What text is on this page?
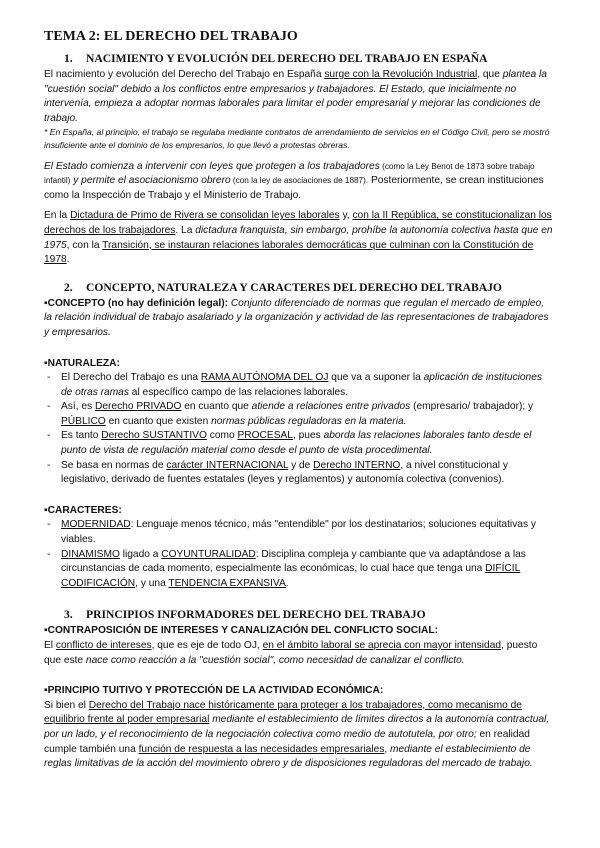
TEMA 2: EL DERECHO DEL TRABAJO
1. NACIMIENTO Y EVOLUCIÓN DEL DERECHO DEL TRABAJO EN ESPAÑA

El nacimiento y evolución del Derecho del Trabajo en España surge con la Revolución Industrial, que plantea la "cuestión social" debido a los conflictos entre empresarios y trabajadores. El Estado, que inicialmente no intervenía, empieza a adoptar normas laborales para limitar el poder empresarial y mejorar las condiciones de trabajo.

* En España, al principio, el trabajo se regulaba mediante contratos de arrendamiento de servicios en el Código Civil, pero se mostró insuficiente ante el dominio de los empresarios, lo que llevó a protestas obreras.

El Estado comienza a intervenir con leyes que protegen a los trabajadores (como la Ley Benot de 1873 sobre trabajo infantil) y permite el asociacionismo obrero (con la ley de asociaciones de 1887). Posteriormente, se crean instituciones como la Inspección de Trabajo y el Ministerio de Trabajo.

En la Dictadura de Primo de Rivera se consolidan leyes laborales y, con la II República, se constitucionalizan los derechos de los trabajadores. La dictadura franquista, sin embargo, prohíbe la autonomía colectiva hasta que en 1975, con la Transición, se instauran relaciones laborales democráticas que culminan con la Constitución de 1978.

2. CONCEPTO, NATURALEZA Y CARACTERES DEL DERECHO DEL TRABAJO

▪CONCEPTO (no hay definición legal): Conjunto diferenciado de normas que regulan el mercado de empleo, la relación individual de trabajo asalariado y la organización y actividad de las representaciones de trabajadores y empresarios.

▪NATURALEZA:

- El Derecho del Trabajo es una RAMA AUTÓNOMA DEL OJ que va a suponer la aplicación de instituciones de otras ramas al específico campo de las relaciones laborales.
- Así, es Derecho PRIVADO en cuanto que atiende a relaciones entre privados (empresario/ trabajador); y PÚBLICO en cuanto que existen normas públicas reguladoras en la materia.
- Es tanto Derecho SUSTANTIVO como PROCESAL, pues aborda las relaciones laborales tanto desde el punto de vista de regulación material como desde el punto de vista procedimental.
- Se basa en normas de carácter INTERNACIONAL y de Derecho INTERNO, a nivel constitucional y legislativo, derivado de fuentes estatales (leyes y reglamentos) y autonomía colectiva (convenios).

▪CARACTERES:

- MODERNIDAD: Lenguaje menos técnico, más "entendible" por los destinatarios; soluciones equitativas y viables.
- DINAMISMO ligado a COYUNTURALIDAD: Disciplina compleja y cambiante que va adaptándose a las circunstancias de cada momento, especialmente las económicas, lo cual hace que tenga una DIFÍCIL CODIFICACIÓN, y una TENDENCIA EXPANSIVA.
3. PRINCIPIOS INFORMADORES DEL DERECHO DEL TRABAJO

▪CONTRAPOSICIÓN DE INTERESES Y CANALIZACIÓN DEL CONFLICTO SOCIAL:

El conflicto de intereses, que es eje de todo OJ, en el ámbito laboral se aprecia con mayor intensidad, puesto que este nace como reacción a la "cuestión social", como necesidad de canalizar el conflicto.

▪PRINCIPIO TUITIVO Y PROTECCIÓN DE LA ACTIVIDAD ECONÓMICA:

Si bien el Derecho del Trabajo nace históricamente para proteger a los trabajadores, como mecanismo de equilibrio frente al poder empresarial mediante el establecimiento de límites directos a la autonomía contractual, por un lado, y el reconocimiento de la negociación colectiva como medio de autotutela, por otro; en realidad cumple también una función de respuesta a las necesidades empresariales, mediante el establecimiento de reglas limitativas de la acción del movimiento obrero y de disposiciones reguladoras del mercado de trabajo.
